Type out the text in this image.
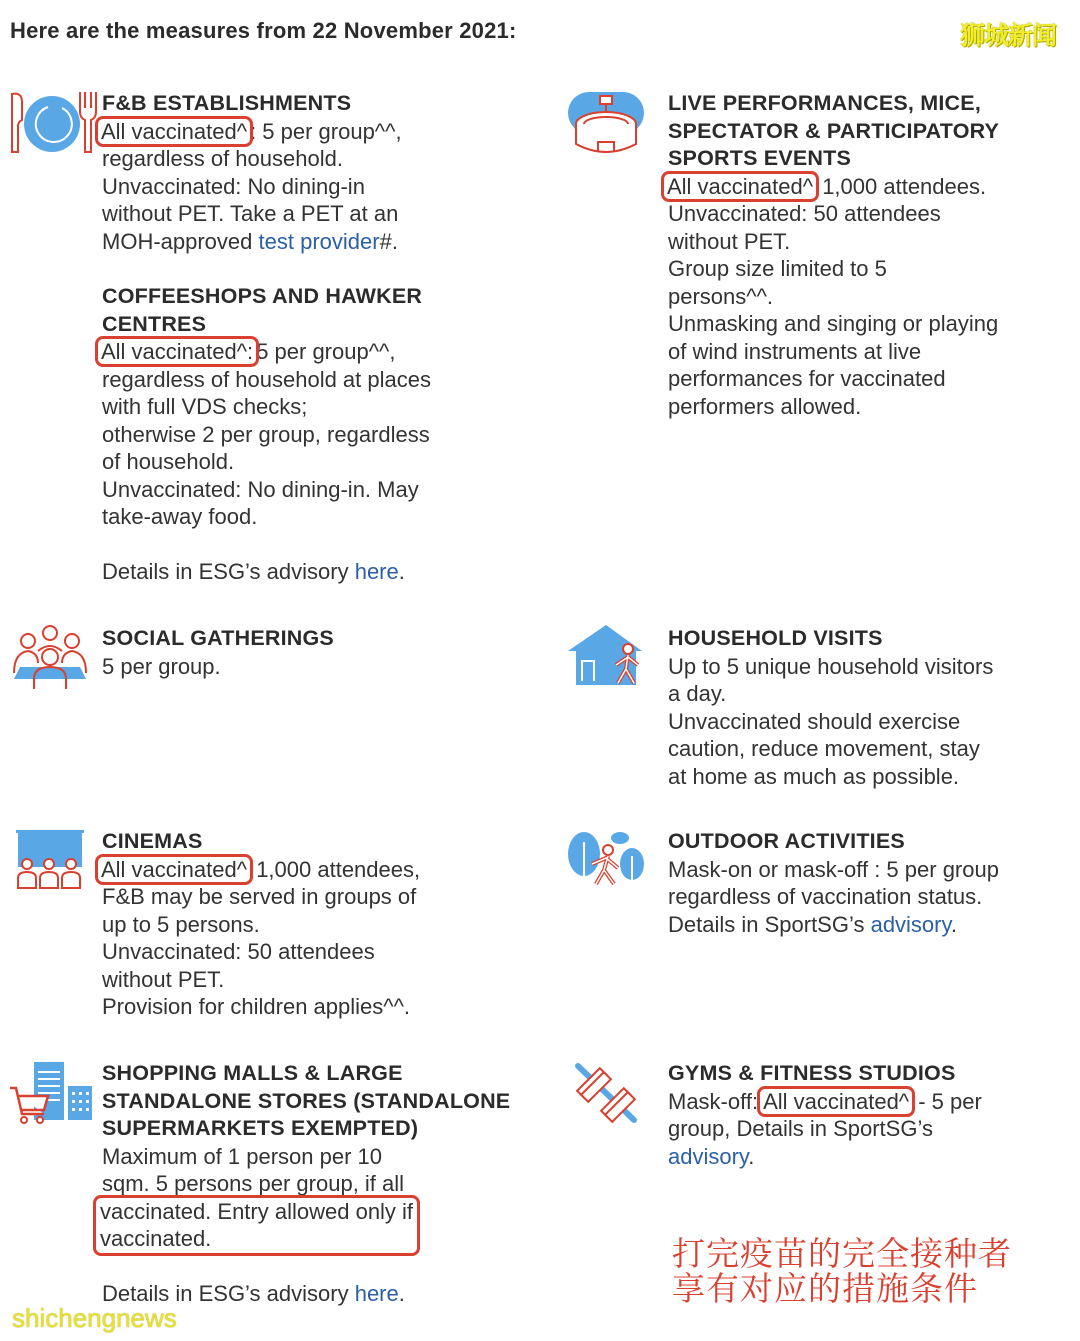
Here are the measures from 22 November 2021:	狮城新闻
F&B ESTABLISHMENTS

All vaccinated^ : 5 per group^^,

regardless of household.

Unvaccinated: No dining-in

without PET. Take a PET at an

MOH-approved test provider#.

COFFEESHOPS AND HAWKER CENTRES

All vaccinated^: 5 per group^^,

regardless of household at places

with full VDS checks;

otherwise 2 per group, regardless

of household.

Unvaccinated: No dining-in. May

take-away food.

Details in ESG’s advisory here.

LIVE PERFORMANCES, MICE, SPECTATOR & PARTICIPATORY SPORTS EVENTS

All vaccinated^ 1,000 attendees.

Unvaccinated: 50 attendees

without PET.

Group size limited to 5

persons^^.

Unmasking and singing or playing

of wind instruments at live

performances for vaccinated

performers allowed.

SOCIAL GATHERINGS

5 per group.

HOUSEHOLD VISITS

Up to 5 unique household visitors

a day.

Unvaccinated should exercise

caution, reduce movement, stay

at home as much as possible.

CINEMAS

All vaccinated^ 1,000 attendees,

F&B may be served in groups of

up to 5 persons.

Unvaccinated: 50 attendees

without PET.

Provision for children applies^^.

OUTDOOR ACTIVITIES

Mask-on or mask-off : 5 per group

regardless of vaccination status.

Details in SportSG’s advisory.

SHOPPING MALLS & LARGE STANDALONE STORES (STANDALONE SUPERMARKETS EXEMPTED)

Maximum of 1 person per 10

sqm. 5 persons per group, if all

vaccinated. Entry allowed only if

vaccinated.

Details in ESG’s advisory here.

GYMS & FITNESS STUDIOS

Mask-off: All vaccinated^ - 5 per

group, Details in SportSG’s

advisory.

打完疫苗的完全接种者
享有对应的措施条件
shichengnews
